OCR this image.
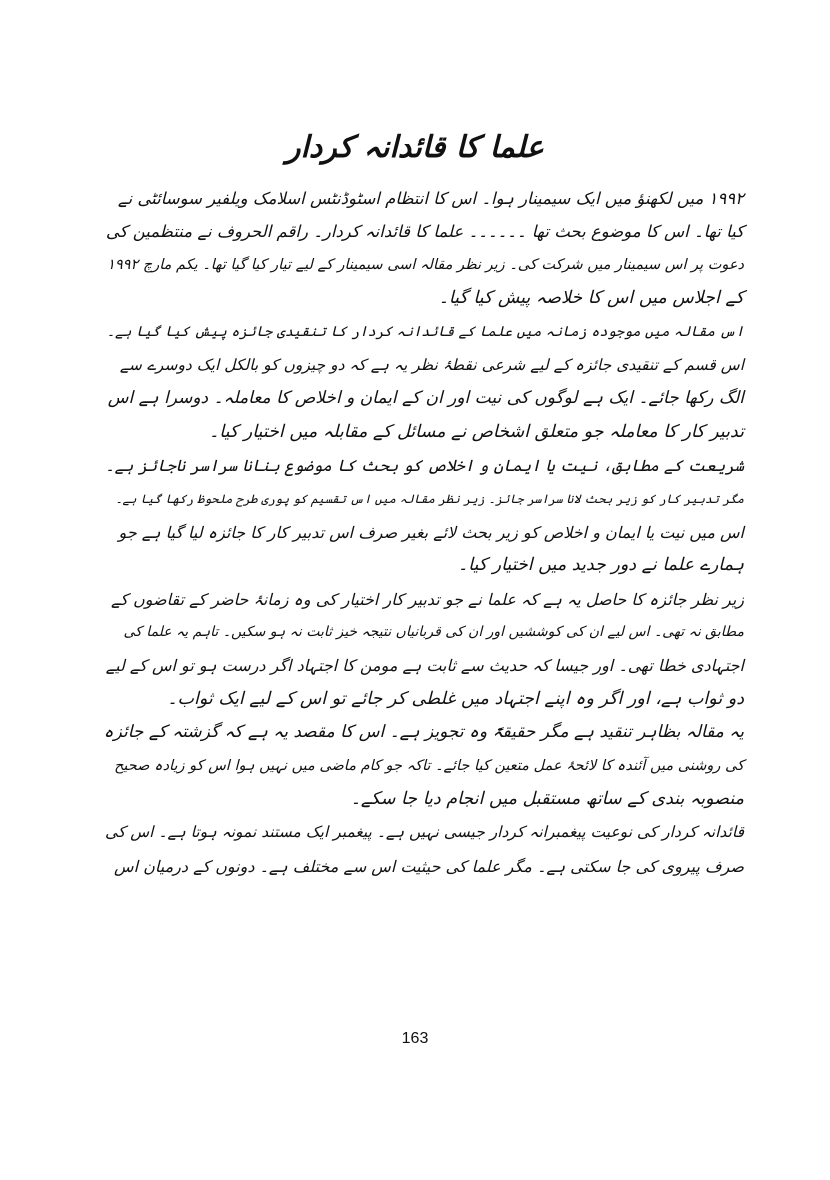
علما کا قائدانہ کردار
۱۹۹۲ میں لکھنؤ میں ایک سیمینار ہوا۔ اس کا انتظام اسٹوڈنٹس اسلامک ویلفیر سوسائٹی نے
کیا تھا۔ اس کا موضوع بحث تھا ۔۔۔۔۔۔ علما کا قائدانہ کردار۔ راقم الحروف نے منتظمین کی
دعوت پر اس سیمینار میں شرکت کی۔ زیر نظر مقالہ اسی سیمینار کے لیے تیار کیا گیا تھا۔ یکم مارچ ۱۹۹۲
کے اجلاس میں اس کا خلاصہ پیش کیا گیا۔
اس مقالہ میں موجودہ زمانہ میں علما کے قائدانہ کردار کا تنقیدی جائزہ پیش کیا گیا ہے۔
اس قسم کے تنقیدی جائزہ کے لیے شرعی نقطۂ نظر یہ ہے کہ دو چیزوں کو بالکل ایک دوسرے سے
الگ رکھا جائے۔ ایک ہے لوگوں کی نیت اور ان کے ایمان و اخلاص کا معاملہ۔ دوسرا ہے اس
تدبیر کار کا معاملہ جو متعلق اشخاص نے مسائل کے مقابلہ میں اختیار کیا۔
شریعت کے مطابق، نیت یا ایمان و اخلاص کو بحث کا موضوع بنانا سراسر ناجائز ہے۔
مگر تدبیر کار کو زیر بحث لانا سراسر جائز۔ زیر نظر مقالہ میں اس تقسیم کو پوری طرح ملحوظ رکھا گیا ہے۔
اس میں نیت یا ایمان و اخلاص کو زیر بحث لائے بغیر صرف اس تدبیر کار کا جائزہ لیا گیا ہے جو
ہمارے علما نے دور جدید میں اختیار کیا۔
زیر نظر جائزہ کا حاصل یہ ہے کہ علما نے جو تدبیر کار اختیار کی وہ زمانۂ حاضر کے تقاضوں کے
مطابق نہ تھی۔ اس لیے ان کی کوششیں اور ان کی قربانیاں نتیجہ خیز ثابت نہ ہو سکیں۔ تاہم یہ علما کی
اجتہادی خطا تھی۔ اور جیسا کہ حدیث سے ثابت ہے مومن کا اجتہاد اگر درست ہو تو اس کے لیے
دو ثواب ہے، اور اگر وہ اپنے اجتہاد میں غلطی کر جائے تو اس کے لیے ایک ثواب۔
یہ مقالہ بظاہر تنقید ہے مگر حقیقۃً وہ تجویز ہے۔ اس کا مقصد یہ ہے کہ گزشتہ کے جائزہ
کی روشنی میں آئندہ کا لائحۂ عمل متعین کیا جائے۔ تاکہ جو کام ماضی میں نہیں ہوا اس کو زیادہ صحیح
منصوبہ بندی کے ساتھ مستقبل میں انجام دیا جا سکے۔
قائدانہ کردار کی نوعیت پیغمبرانہ کردار جیسی نہیں ہے۔ پیغمبر ایک مستند نمونہ ہوتا ہے۔ اس کی
صرف پیروی کی جا سکتی ہے۔ مگر علما کی حیثیت اس سے مختلف ہے۔ دونوں کے درمیان اس
163
